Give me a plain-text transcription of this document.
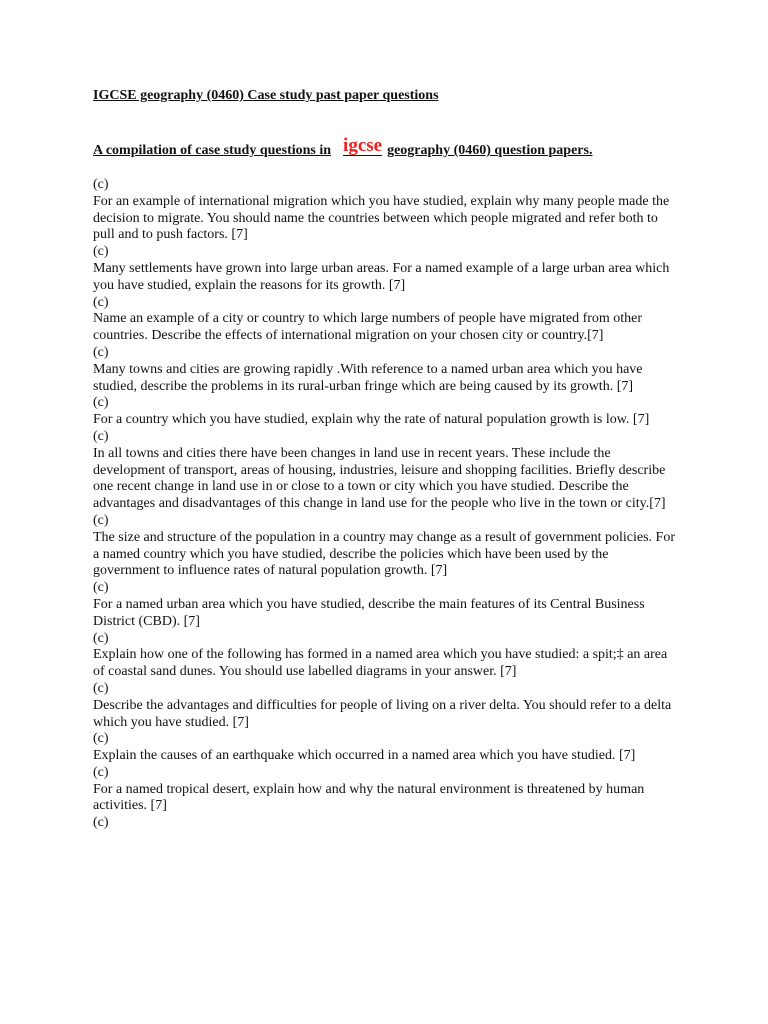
IGCSE geography (0460) Case study past paper questions

A compilation of case study questions in igcse geography (0460) question papers.

(c)
For an example of international migration which you have studied, explain why many people made the decision to migrate. You should name the countries between which people migrated and refer both to pull and to push factors. [7]
(c)
Many settlements have grown into large urban areas. For a named example of a large urban area which you have studied, explain the reasons for its growth. [7]
(c)
Name an example of a city or country to which large numbers of people have migrated from other countries. Describe the effects of international migration on your chosen city or country.[7]
(c)
Many towns and cities are growing rapidly .With reference to a named urban area which you have studied, describe the problems in its rural-urban fringe which are being caused by its growth. [7]
(c)
For a country which you have studied, explain why the rate of natural population growth is low. [7]
(c)
In all towns and cities there have been changes in land use in recent years. These include the development of transport, areas of housing, industries, leisure and shopping facilities. Briefly describe one recent change in land use in or close to a town or city which you have studied. Describe the advantages and disadvantages of this change in land use for the people who live in the town or city.[7]
(c)
The size and structure of the population in a country may change as a result of government policies. For a named country which you have studied, describe the policies which have been used by the government to influence rates of natural population growth. [7]
(c)
For a named urban area which you have studied, describe the main features of its Central Business District (CBD). [7]
(c)
Explain how one of the following has formed in a named area which you have studied: a spit;‡ an area of coastal sand dunes. You should use labelled diagrams in your answer. [7]
(c)
Describe the advantages and difficulties for people of living on a river delta. You should refer to a delta which you have studied. [7]
(c)
Explain the causes of an earthquake which occurred in a named area which you have studied. [7]
(c)
For a named tropical desert, explain how and why the natural environment is threatened by human activities. [7]
(c)
